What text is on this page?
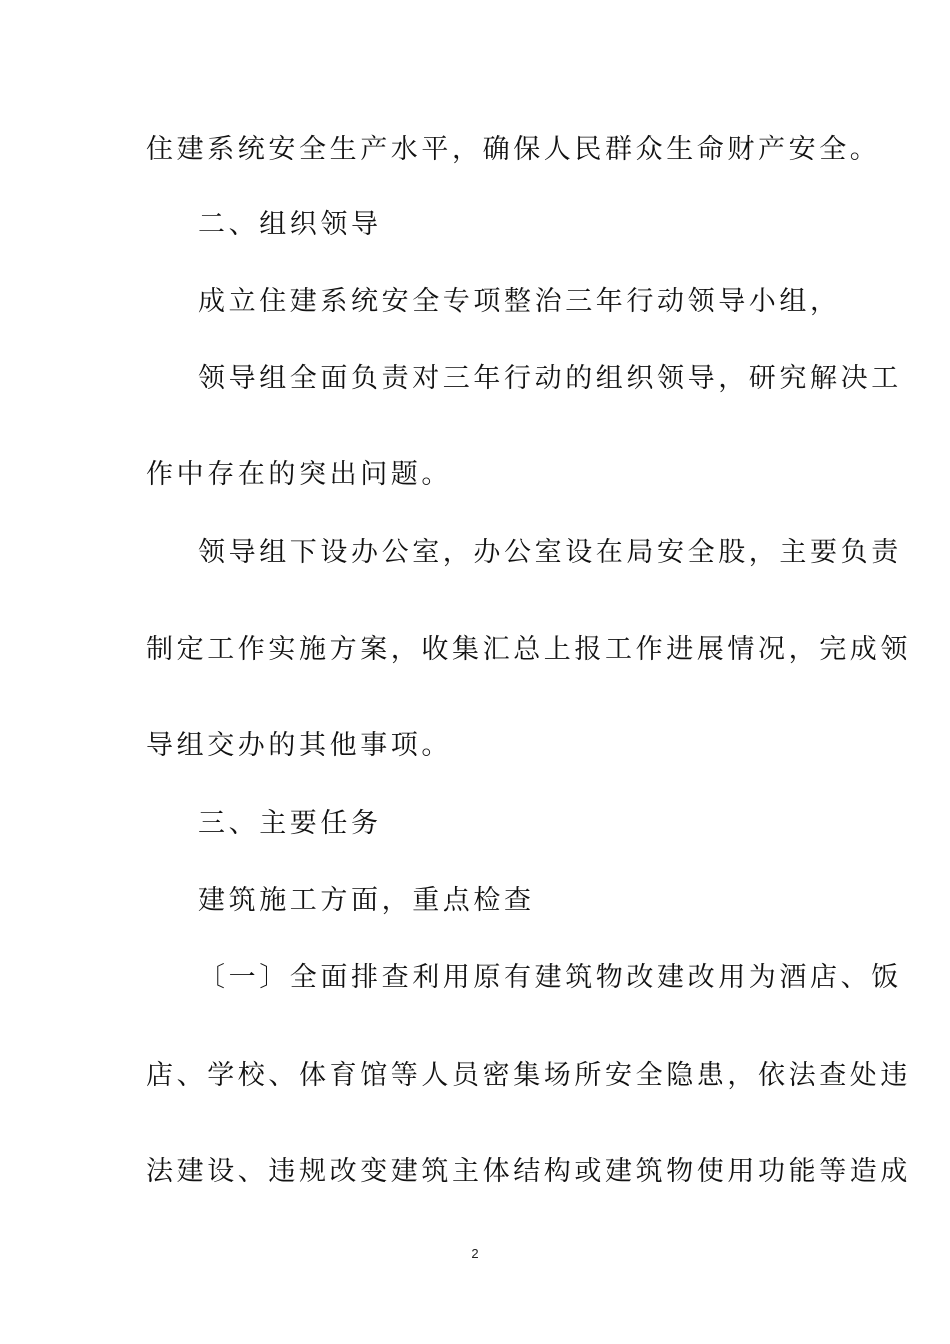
住建系统安全生产水平，确保人民群众生命财产安全。
二、组织领导
成立住建系统安全专项整治三年行动领导小组，
领导组全面负责对三年行动的组织领导，研究解决工
作中存在的突出问题。
领导组下设办公室，办公室设在局安全股，主要负责
制定工作实施方案，收集汇总上报工作进展情况，完成领
导组交办的其他事项。
三、主要任务
建筑施工方面，重点检查
〔一〕全面排查利用原有建筑物改建改用为酒店、饭
店、学校、体育馆等人员密集场所安全隐患，依法查处违
法建设、违规改变建筑主体结构或建筑物使用功能等造成
2
